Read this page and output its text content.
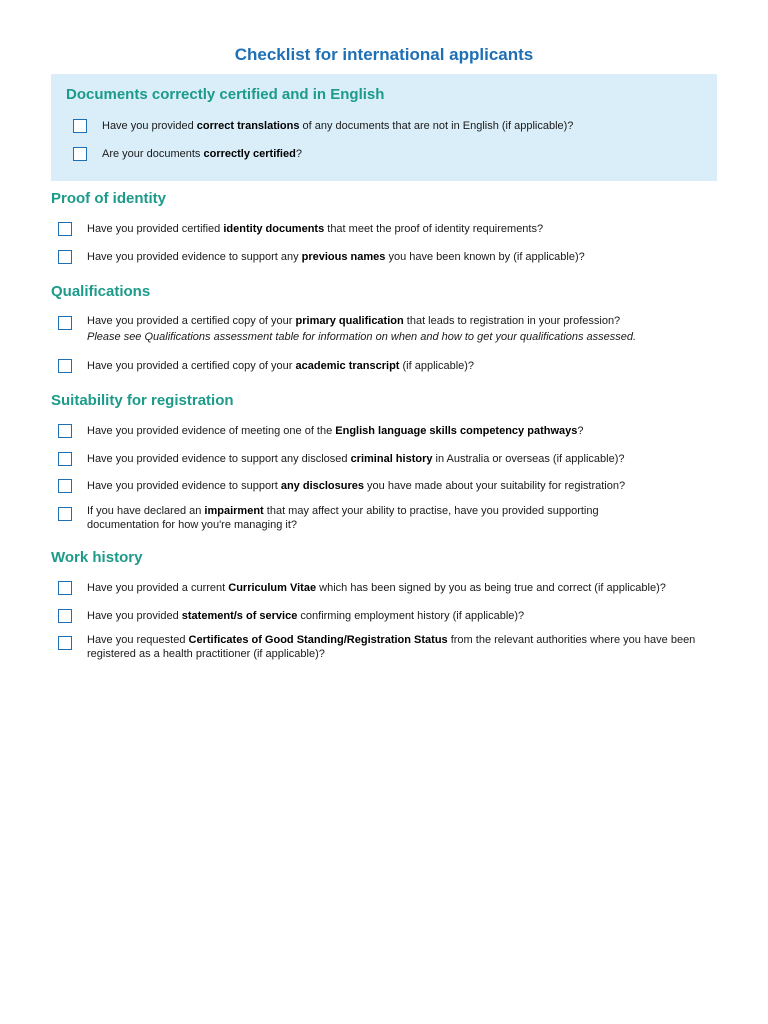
Checklist for international applicants
Documents correctly certified and in English
Have you provided correct translations of any documents that are not in English (if applicable)?
Are your documents correctly certified?
Proof of identity
Have you provided certified identity documents that meet the proof of identity requirements?
Have you provided evidence to support any previous names you have been known by (if applicable)?
Qualifications
Have you provided a certified copy of your primary qualification that leads to registration in your profession?
Please see Qualifications assessment table for information on when and how to get your qualifications assessed.
Have you provided a certified copy of your academic transcript (if applicable)?
Suitability for registration
Have you provided evidence of meeting one of the English language skills competency pathways?
Have you provided evidence to support any disclosed criminal history in Australia or overseas (if applicable)?
Have you provided evidence to support any disclosures you have made about your suitability for registration?
If you have declared an impairment that may affect your ability to practise, have you provided supporting documentation for how you're managing it?
Work history
Have you provided a current Curriculum Vitae which has been signed by you as being true and correct (if applicable)?
Have you provided statement/s of service confirming employment history (if applicable)?
Have you requested Certificates of Good Standing/Registration Status from the relevant authorities where you have been registered as a health practitioner (if applicable)?
